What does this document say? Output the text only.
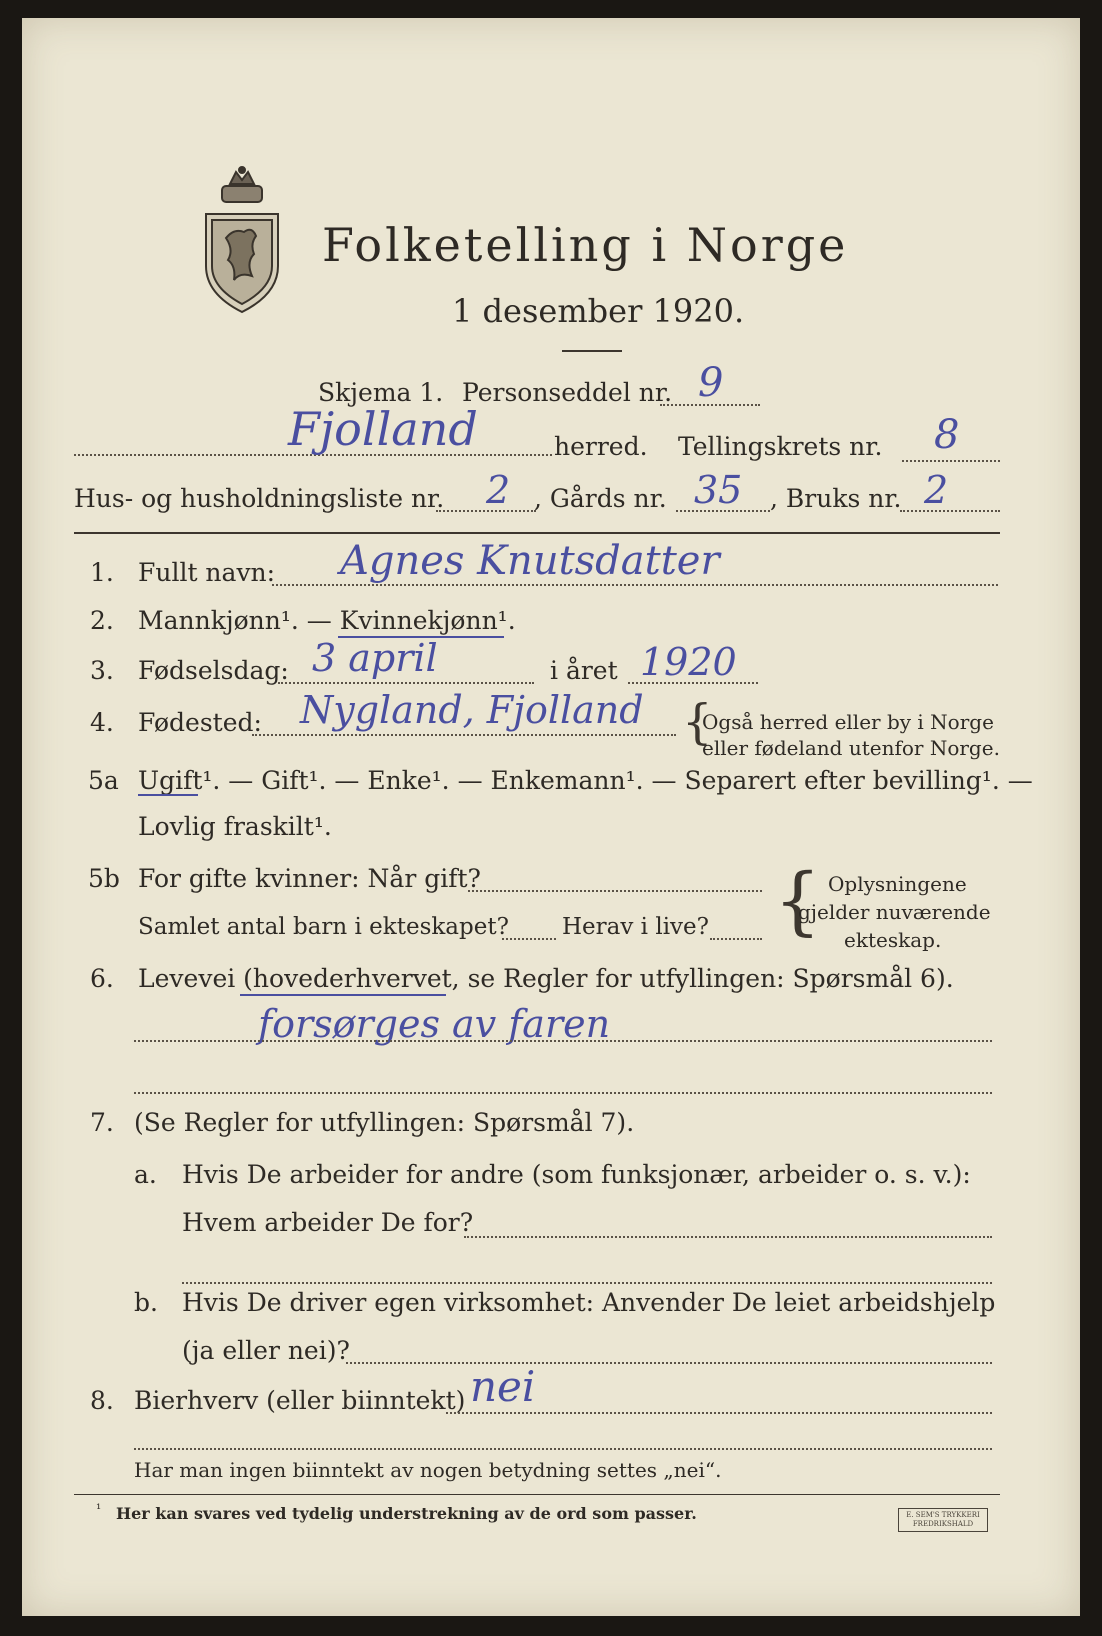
Folketelling i Norge
1 desember 1920.
Skjema 1. Personseddel nr. 9
Fjolland	herred. Tellingskrets nr. 8
Hus- og husholdningsliste nr. 2 , Gårds nr. 35 , Bruks nr. 2
1. Fullt navn: Agnes Knutsdatter
2. Mannkjønn¹. — Kvinnekjønn¹.
3. Fødselsdag: 3 april	i året 1920
4. Fødested: Nygland, Fjolland {
Også herred eller by i Norge
eller fødeland utenfor Norge.
5a Ugift¹. — Gift¹. — Enke¹. — Enkemann¹. — Separert efter bevilling¹. —
Lovlig fraskilt¹.
5b For gifte kvinner: Når gift?
Samlet antal barn i ekteskapet? Herav i live? { Oplysningene
gjelder nuværende
ekteskap.
6. Levevei (hovederhvervet, se Regler for utfyllingen: Spørsmål 6).
forsørges av faren
7. (Se Regler for utfyllingen: Spørsmål 7).
a. Hvis De arbeider for andre (som funksjonær, arbeider o. s. v.):
Hvem arbeider De for?
b. Hvis De driver egen virksomhet: Anvender De leiet arbeidshjelp
(ja eller nei)?
8. Bierhverv (eller biinntekt) nei
Har man ingen biinntekt av nogen betydning settes „nei“.
¹ Her kan svares ved tydelig understrekning av de ord som passer.	E. SEM'S TRYKKERI FREDRIKSHALD
